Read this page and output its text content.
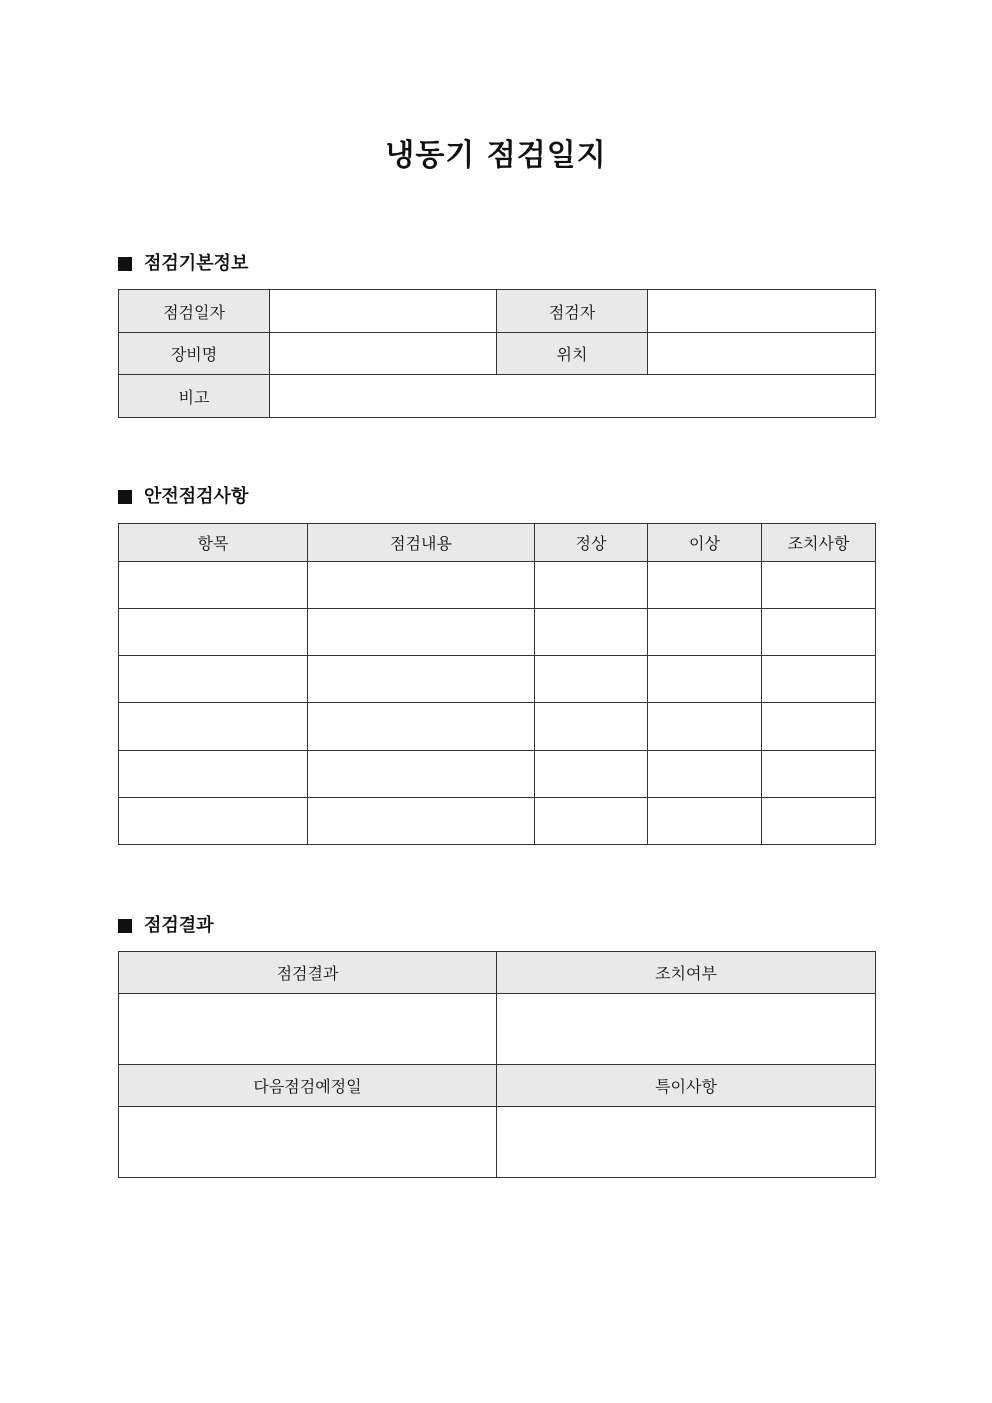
냉동기 점검일지
점검기본정보
점검일자		점검자	
장비명		위치	
비고			
안전점검사항
항목	점검내용	정상	이상	조치사항

점검결과
점검결과	조치여부

다음점검예정일	특이사항
